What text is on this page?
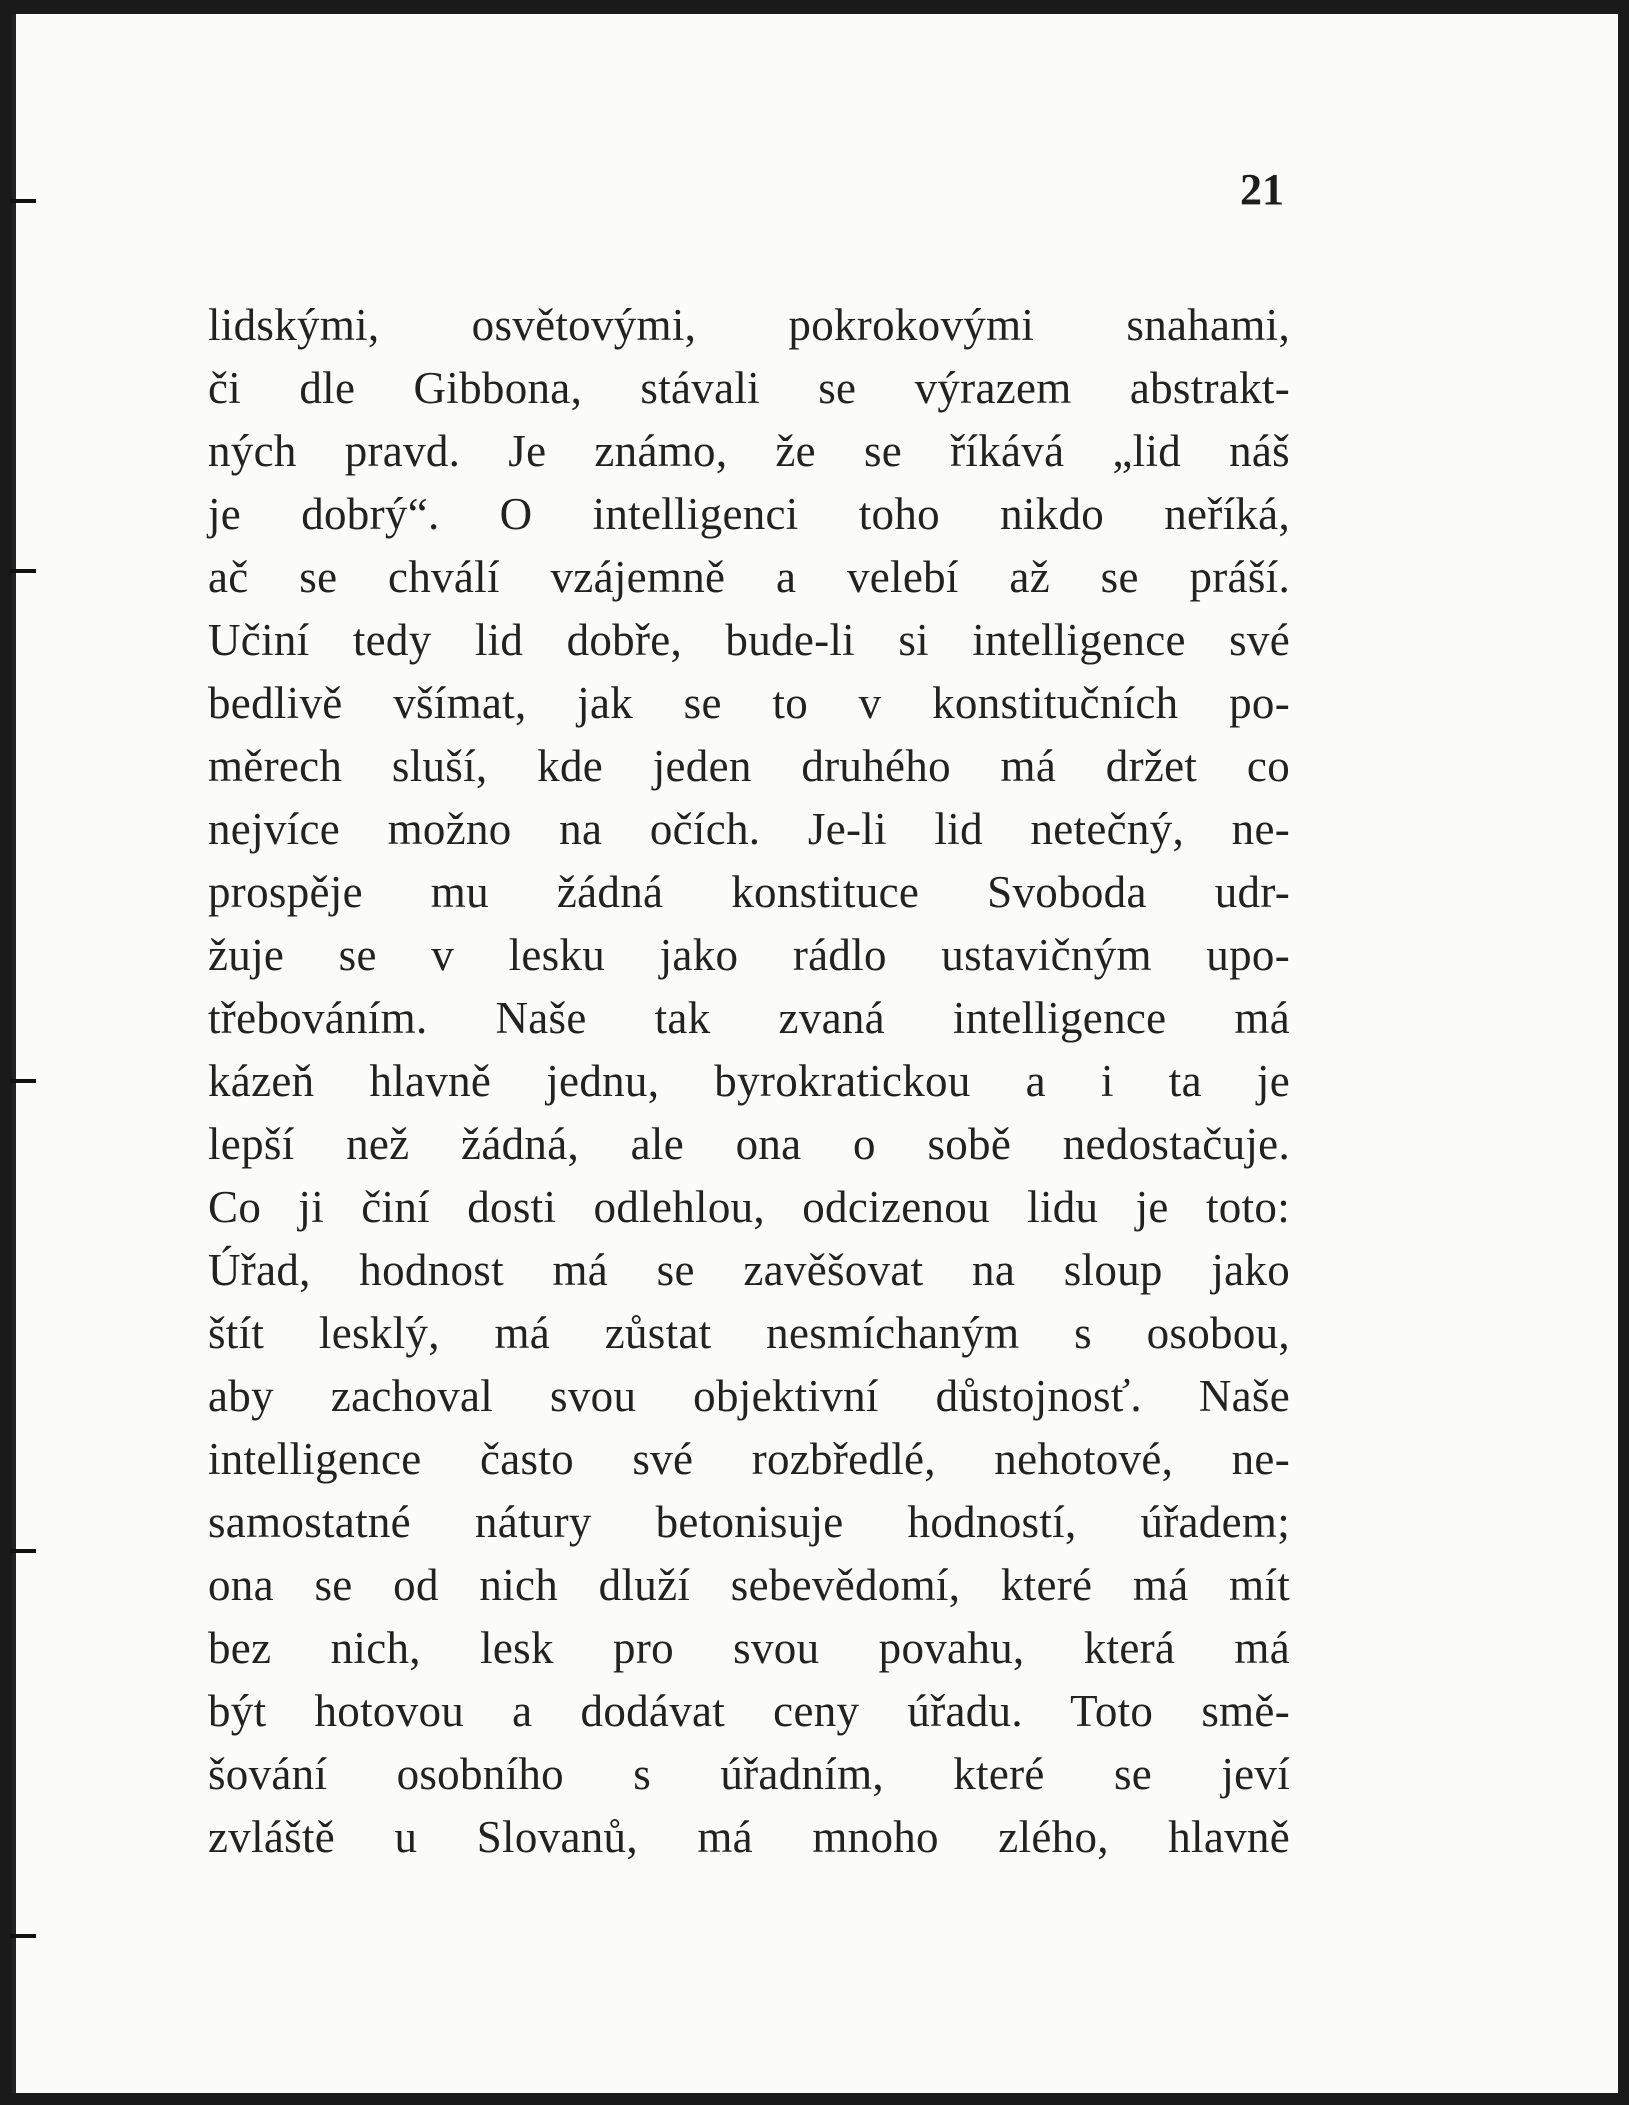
21

lidskými, osvětovými, pokrokovými snahami,
či dle Gibbona, stávali se výrazem abstrakt-
ných pravd. Je známo, že se říkává „lid náš
je dobrý“. O intelligenci toho nikdo neříká,
ač se chválí vzájemně a velebí až se práší.
Učiní tedy lid dobře, bude-li si intelligence své
bedlivě všímat, jak se to v konstitučních po-
měrech sluší, kde jeden druhého má držet co
nejvíce možno na očích. Je-li lid netečný, ne-
prospěje mu žádná konstituce Svoboda udr-
žuje se v lesku jako rádlo ustavičným upo-
třebováním. Naše tak zvaná intelligence má
kázeň hlavně jednu, byrokratickou a i ta je
lepší než žádná, ale ona o sobě nedostačuje.
Co ji činí dosti odlehlou, odcizenou lidu je toto:
Úřad, hodnost má se zavěšovat na sloup jako
štít lesklý, má zůstat nesmíchaným s osobou,
aby zachoval svou objektivní důstojnosť. Naše
intelligence často své rozbředlé, nehotové, ne-
samostatné nátury betonisuje hodností, úřadem;
ona se od nich dluží sebevědomí, které má mít
bez nich, lesk pro svou povahu, která má
být hotovou a dodávat ceny úřadu. Toto smě-
šování osobního s úřadním, které se jeví
zvláště u Slovanů, má mnoho zlého, hlavně
